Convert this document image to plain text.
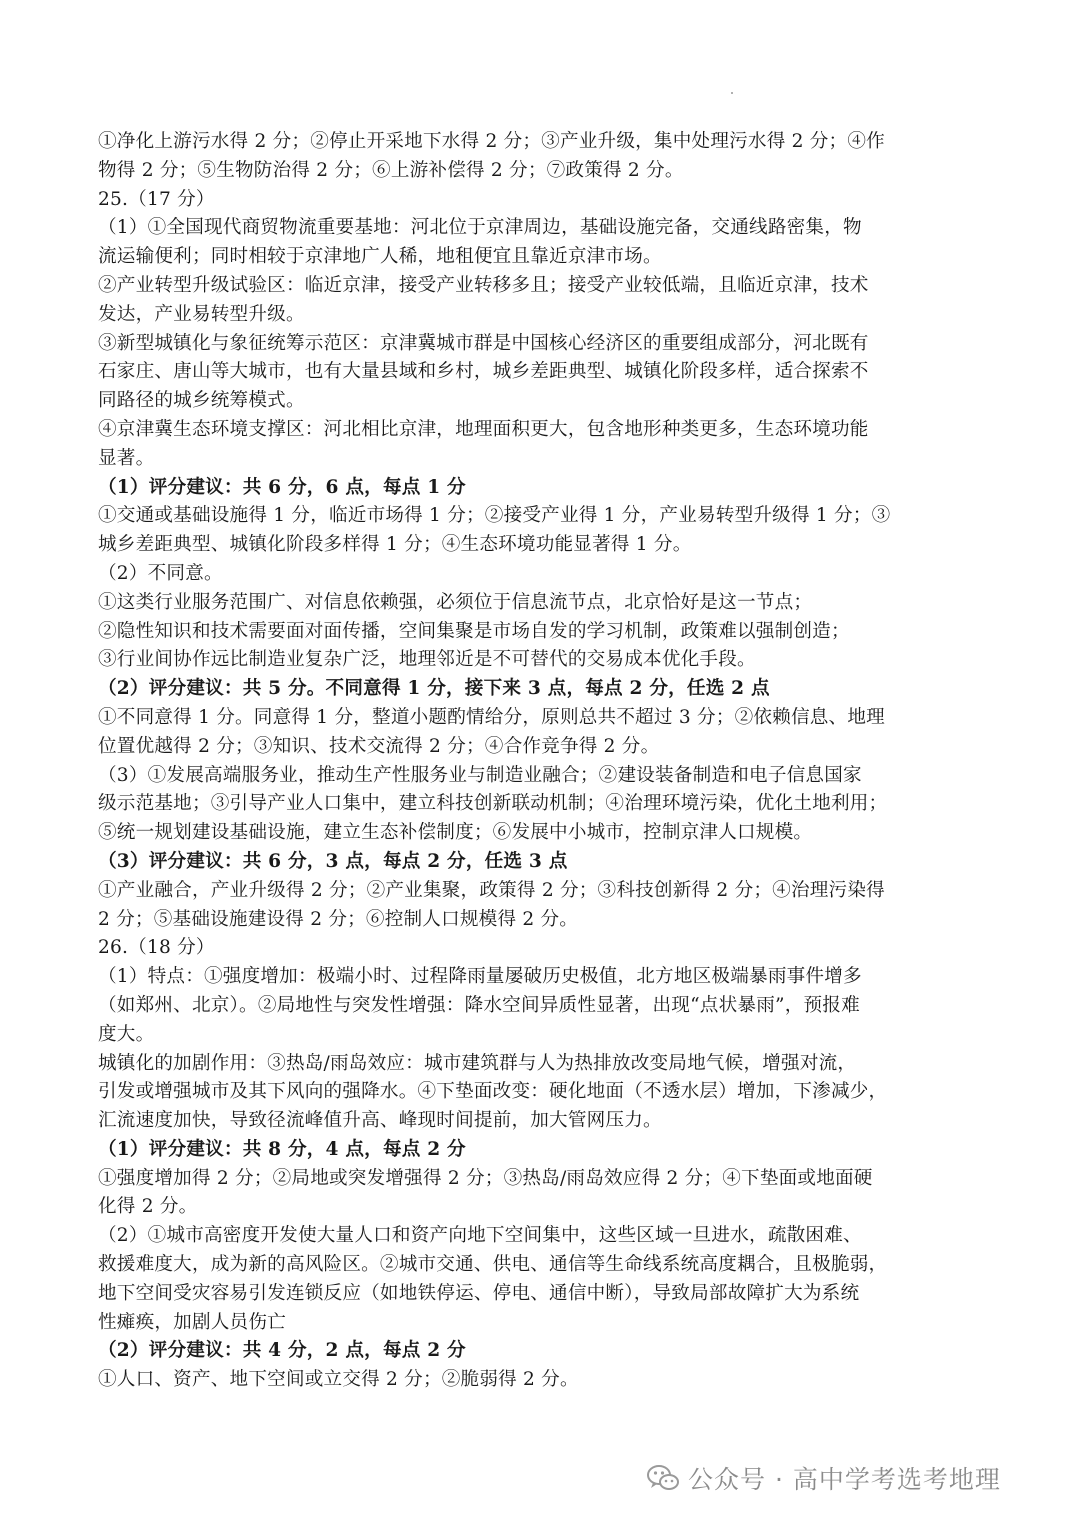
①净化上游污水得 2 分；②停止开采地下水得 2 分；③产业升级，集中处理污水得 2 分；④作
物得 2 分；⑤生物防治得 2 分；⑥上游补偿得 2 分；⑦政策得 2 分。
25.（17 分）
（1）①全国现代商贸物流重要基地：河北位于京津周边，基础设施完备，交通线路密集，物
流运输便利；同时相较于京津地广人稀，地租便宜且靠近京津市场。
②产业转型升级试验区：临近京津，接受产业转移多且；接受产业较低端，且临近京津，技术
发达，产业易转型升级。
③新型城镇化与象征统筹示范区：京津冀城市群是中国核心经济区的重要组成部分，河北既有
石家庄、唐山等大城市，也有大量县域和乡村，城乡差距典型、城镇化阶段多样，适合探索不
同路径的城乡统筹模式。
④京津冀生态环境支撑区：河北相比京津，地理面积更大，包含地形种类更多，生态环境功能
显著。
（1）评分建议：共 6 分，6 点，每点 1 分
①交通或基础设施得 1 分，临近市场得 1 分；②接受产业得 1 分，产业易转型升级得 1 分；③
城乡差距典型、城镇化阶段多样得 1 分；④生态环境功能显著得 1 分。
（2）不同意。
①这类行业服务范围广、对信息依赖强，必须位于信息流节点，北京恰好是这一节点；
②隐性知识和技术需要面对面传播，空间集聚是市场自发的学习机制，政策难以强制创造；
③行业间协作远比制造业复杂广泛，地理邻近是不可替代的交易成本优化手段。
（2）评分建议：共 5 分。不同意得 1 分，接下来 3 点，每点 2 分，任选 2 点
①不同意得 1 分。同意得 1 分，整道小题酌情给分，原则总共不超过 3 分；②依赖信息、地理
位置优越得 2 分；③知识、技术交流得 2 分；④合作竞争得 2 分。
（3）①发展高端服务业，推动生产性服务业与制造业融合；②建设装备制造和电子信息国家
级示范基地；③引导产业人口集中，建立科技创新联动机制；④治理环境污染，优化土地利用；
⑤统一规划建设基础设施，建立生态补偿制度；⑥发展中小城市，控制京津人口规模。
（3）评分建议：共 6 分，3 点，每点 2 分，任选 3 点
①产业融合，产业升级得 2 分；②产业集聚，政策得 2 分；③科技创新得 2 分；④治理污染得
2 分；⑤基础设施建设得 2 分；⑥控制人口规模得 2 分。
26.（18 分）
（1）特点：①强度增加：极端小时、过程降雨量屡破历史极值，北方地区极端暴雨事件增多
（如郑州、北京）。②局地性与突发性增强：降水空间异质性显著，出现“点状暴雨”，预报难
度大。
城镇化的加剧作用：③热岛/雨岛效应：城市建筑群与人为热排放改变局地气候，增强对流，
引发或增强城市及其下风向的强降水。④下垫面改变：硬化地面（不透水层）增加，下渗减少，
汇流速度加快，导致径流峰值升高、峰现时间提前，加大管网压力。
（1）评分建议：共 8 分，4 点，每点 2 分
①强度增加得 2 分；②局地或突发增强得 2 分；③热岛/雨岛效应得 2 分；④下垫面或地面硬
化得 2 分。
（2）①城市高密度开发使大量人口和资产向地下空间集中，这些区域一旦进水，疏散困难、
救援难度大，成为新的高风险区。②城市交通、供电、通信等生命线系统高度耦合，且极脆弱，
地下空间受灾容易引发连锁反应（如地铁停运、停电、通信中断），导致局部故障扩大为系统
性瘫痪，加剧人员伤亡
（2）评分建议：共 4 分，2 点，每点 2 分
①人口、资产、地下空间或立交得 2 分；②脆弱得 2 分。
公众号 · 高中学考选考地理
